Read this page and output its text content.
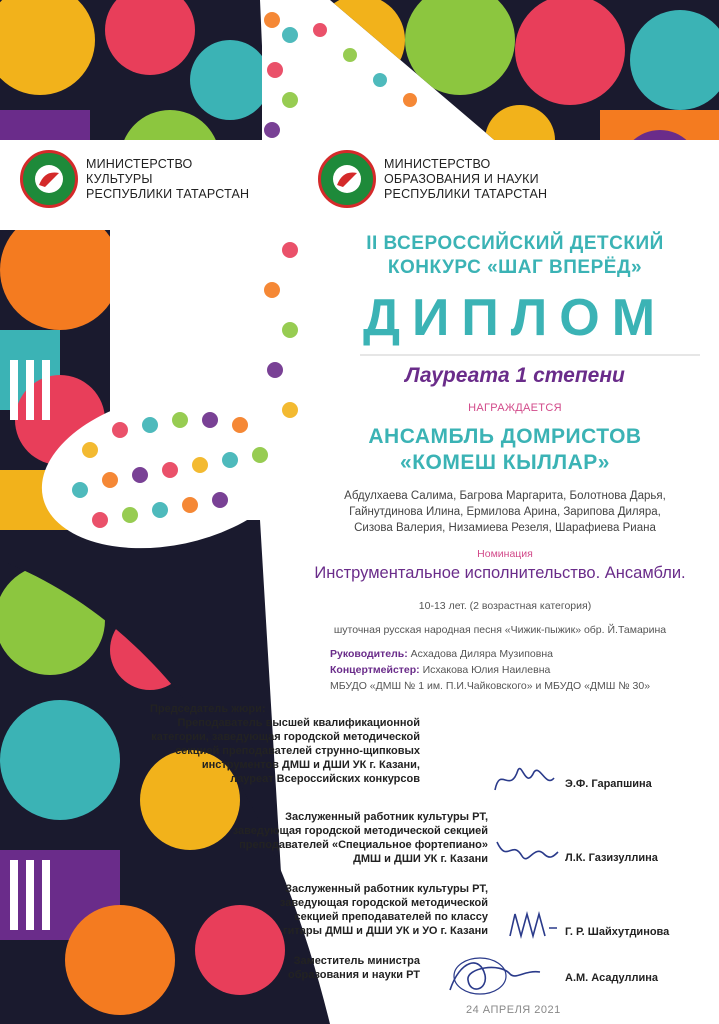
МИНИСТЕРСТВО
КУЛЬТУРЫ
РЕСПУБЛИКИ ТАТАРСТАН
МИНИСТЕРСТВО
ОБРАЗОВАНИЯ И НАУКИ
РЕСПУБЛИКИ ТАТАРСТАН
II ВСЕРОССИЙСКИЙ ДЕТСКИЙ
КОНКУРС «ШАГ ВПЕРЁД»
ДИПЛОМ
Лауреата 1 степени
НАГРАЖДАЕТСЯ
АНСАМБЛЬ ДОМРИСТОВ
«КОМЕШ КЫЛЛАР»
Абдулхаева Салима, Багрова Маргарита, Болотнова Дарья,
Гайнутдинова Илина, Ермилова Арина, Зарипова Диляра,
Сизова Валерия, Низамиева Резеля, Шарафиева Риана
Номинация
Инструментальное исполнительство. Ансамбли.
10-13 лет. (2 возрастная категория)
шуточная русская народная песня «Чижик-пыжик» обр. Й.Тамарина
Руководитель: Асхадова Диляра Музиповна
Концертмейстер: Исхакова Юлия Наилевна
МБУДО «ДМШ № 1 им. П.И.Чайковского» и МБУДО «ДМШ № 30»
Председатель жюри:
Преподаватель высшей квалификационной
категории, заведующая городской методической
секцией преподавателей струнно-щипковых
инструментов ДМШ и ДШИ УК г. Казани,
лауреат Всероссийских конкурсов	Э.Ф. Гарапшина
Заслуженный работник культуры РТ,
заведующая городской методической секцией
преподавателей «Специальное фортепиано»
ДМШ и ДШИ УК г. Казани	Л.К. Газизуллина
Заслуженный работник культуры РТ,
заведующая городской методической
секцией преподавателей по классу
гитары ДМШ и ДШИ УК и УО г. Казани	Г. Р. Шайхутдинова
Заместитель министра
образования и науки РТ	А.М. Асадуллина
24 АПРЕЛЯ 2021
